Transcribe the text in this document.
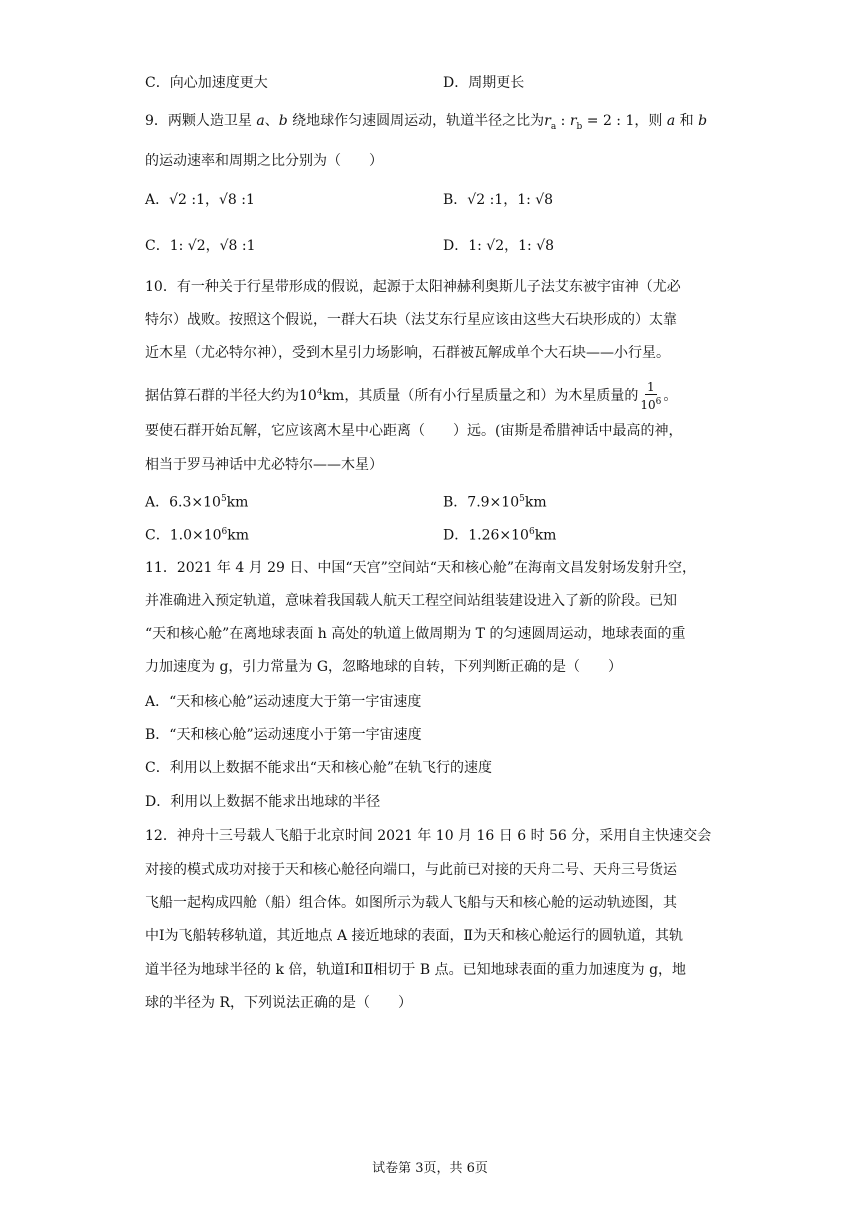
C．向心加速度更大	D．周期更长
9．两颗人造卫星 a、b 绕地球作匀速圆周运动，轨道半径之比为$r_a$ : $r_b = 2$ : 1，则 a 和 b
的运动速率和周期之比分别为（　　）
A．√2 :1，√8 :1	B．√2 :1，1: √8
C．1: √2，√8 :1	D．1: √2，1: √8
10．有一种关于行星带形成的假说，起源于太阳神赫利奥斯儿子法艾东被宇宙神（尤必
特尔）战败。按照这个假说，一群大石块（法艾东行星应该由这些大石块形成的）太靠
近木星（尤必特尔神），受到木星引力场影响，石群被瓦解成单个大石块——小行星。
据估算石群的半径大约为$10^4km$，其质量（所有小行星质量之和）为木星质量的 $\frac{1}{10^6}$ 。
要使石群开始瓦解，它应该离木星中心距离（　　）远。(宙斯是希腊神话中最高的神，
相当于罗马神话中尤必特尔——木星）
A．$6.3\times 10^5km$	B．$7.9\times 10^5km$
C．$1.0\times 10^6km$	D．$1.26\times 10^6km$
11．2021 年 4 月 29 日、中国“天宫”空间站“天和核心舱”在海南文昌发射场发射升空，
并准确进入预定轨道，意味着我国载人航天工程空间站组装建设进入了新的阶段。已知
“天和核心舱”在离地球表面 h 高处的轨道上做周期为 T 的匀速圆周运动，地球表面的重
力加速度为 g，引力常量为 G，忽略地球的自转，下列判断正确的是（　　）
A．“天和核心舱”运动速度大于第一宇宙速度
B．“天和核心舱”运动速度小于第一宇宙速度
C．利用以上数据不能求出“天和核心舱”在轨飞行的速度
D．利用以上数据不能求出地球的半径
12．神舟十三号载人飞船于北京时间 2021 年 10 月 16 日 6 时 56 分，采用自主快速交会
对接的模式成功对接于天和核心舱径向端口，与此前已对接的天舟二号、天舟三号货运
飞船一起构成四舱（船）组合体。如图所示为载人飞船与天和核心舱的运动轨迹图，其
中Ⅰ为飞船转移轨道，其近地点 A 接近地球的表面，Ⅱ为天和核心舱运行的圆轨道，其轨
道半径为地球半径的 k 倍，轨道Ⅰ和Ⅱ相切于 B 点。已知地球表面的重力加速度为 g，地
球的半径为 R，下列说法正确的是（　　）
试卷第 3页，共 6页
